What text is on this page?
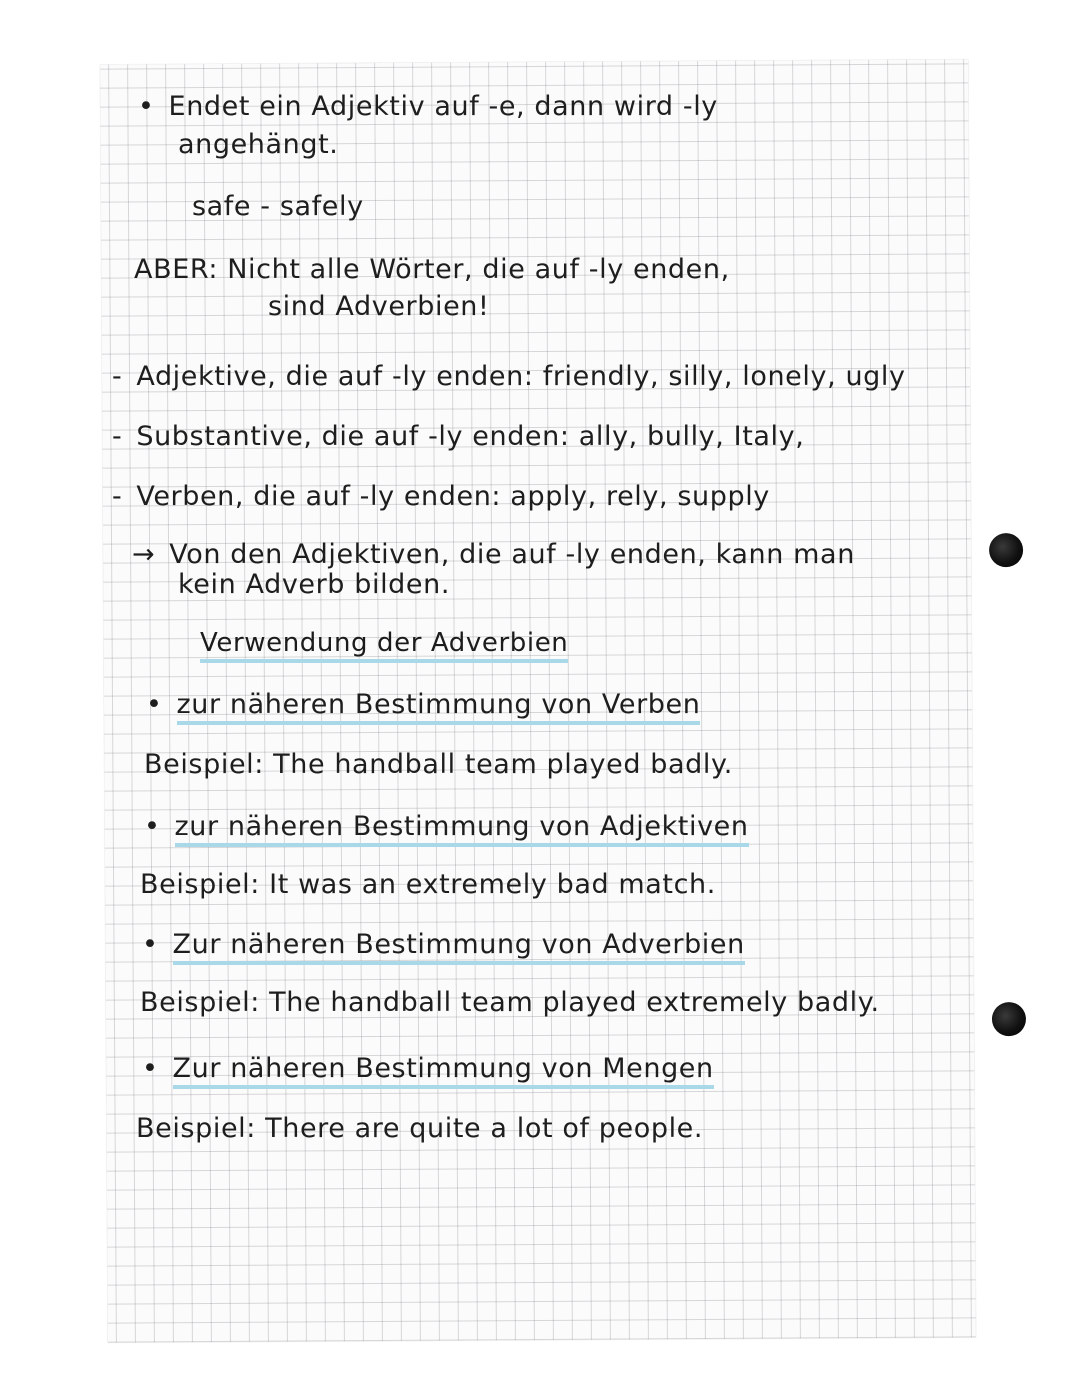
• Endet ein Adjektiv auf -e, dann wird -ly
angehängt.
safe - safely
ABER: Nicht alle Wörter, die auf -ly enden,
sind Adverbien!
- Adjektive, die auf -ly enden: friendly, silly, lonely, ugly
- Substantive, die auf -ly enden: ally, bully, Italy,
- Verben, die auf -ly enden: apply, rely, supply
→ Von den Adjektiven, die auf -ly enden, kann man
kein Adverb bilden.
Verwendung der Adverbien
• zur näheren Bestimmung von Verben
Beispiel: The handball team played badly.
• zur näheren Bestimmung von Adjektiven
Beispiel: It was an extremely bad match.
• Zur näheren Bestimmung von Adverbien
Beispiel: The handball team played extremely badly.
• Zur näheren Bestimmung von Mengen
Beispiel: There are quite a lot of people.
